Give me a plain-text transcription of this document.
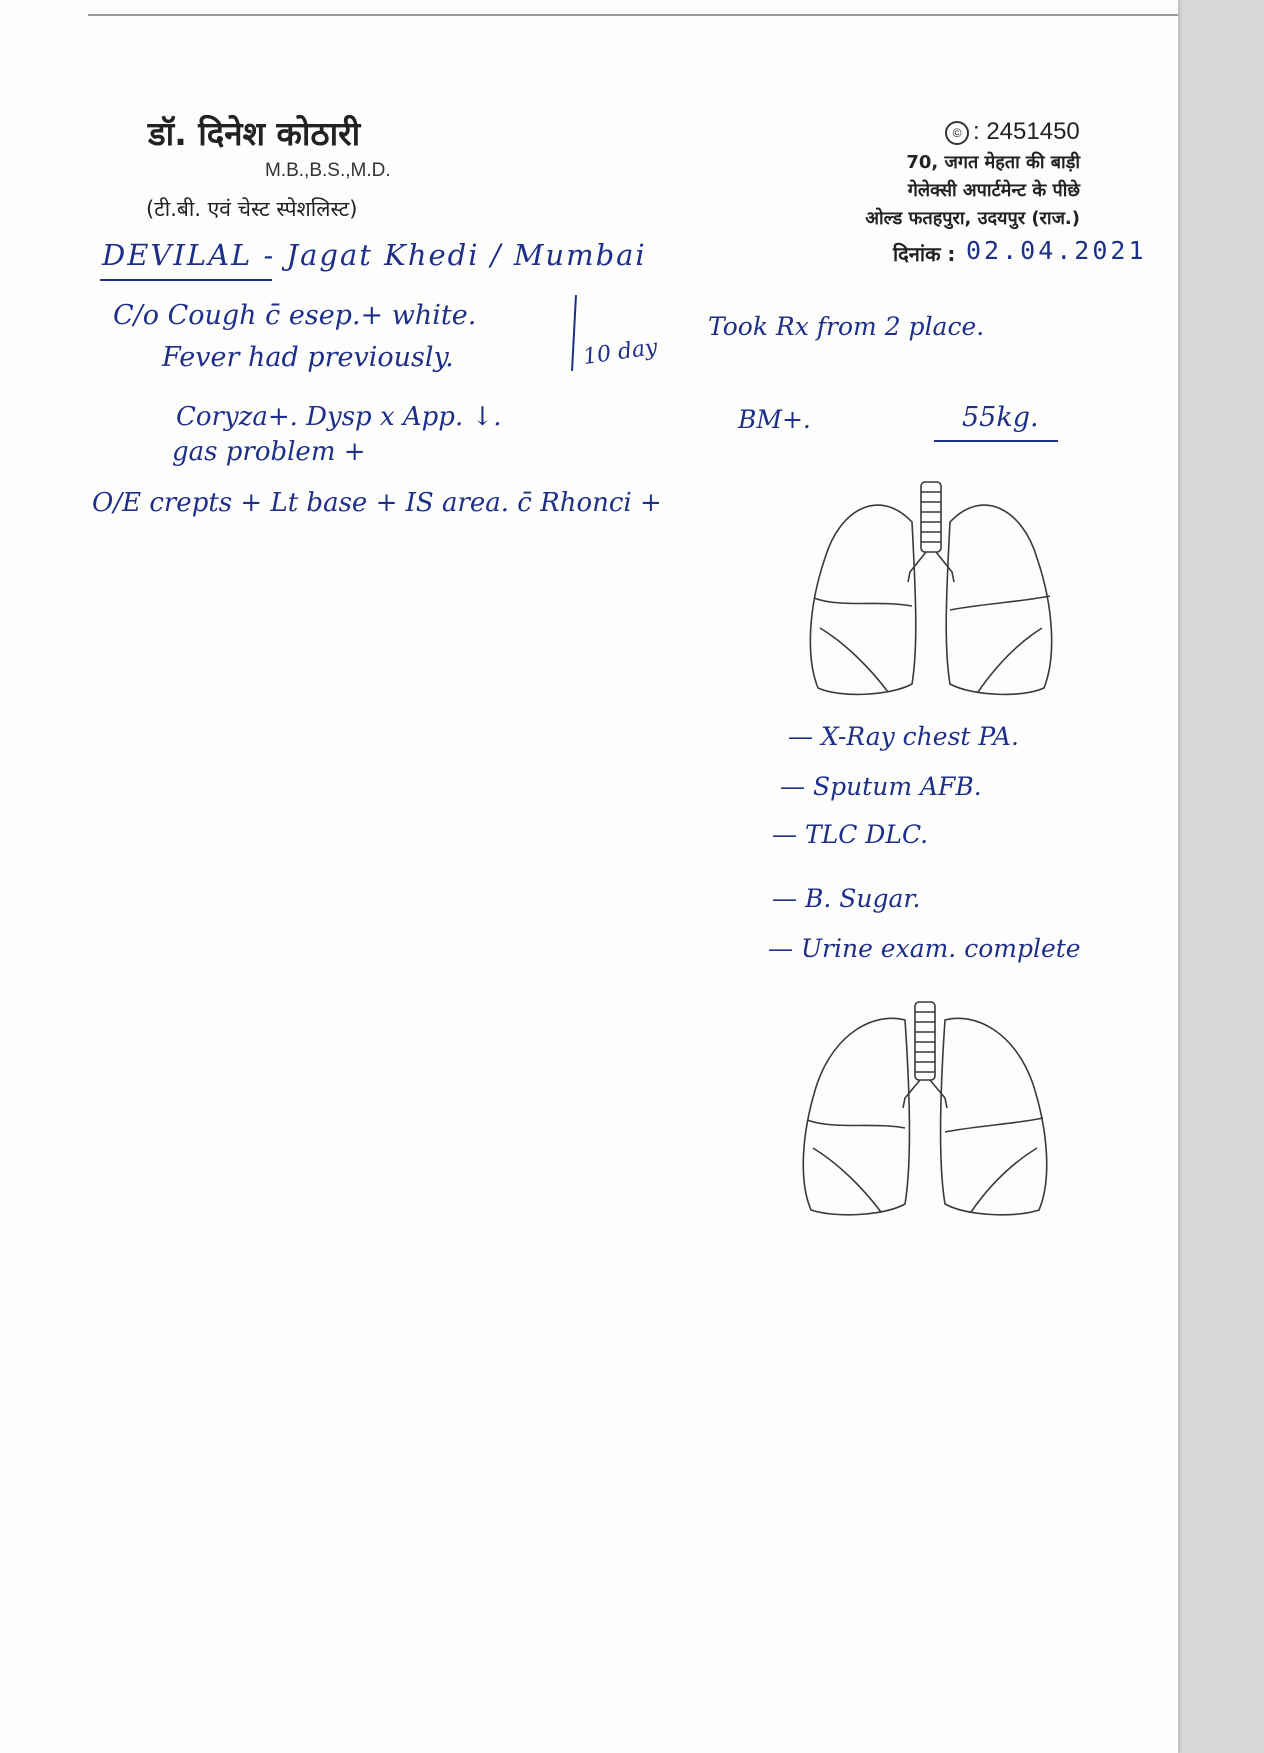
डॉ. दिनेश कोठारी
M.B.,B.S.,M.D.
(टी.बी. एवं चेस्ट स्पेशलिस्ट)
© : 2451450
70, जगत मेहता की बाड़ी
गेलेक्सी अपार्टमेन्ट के पीछे
ओल्ड फतहपुरा, उदयपुर (राज.)
दिनांक : 02.04.2021
DEVILAL - Jagat Khedi / Mumbai
C/o Cough c̄ esep.+ white.
10 day
Took Rx from 2 place.
Fever had previously.
Coryza+. Dysp x App. ↓.	BM+.	55kg.
gas problem +
O/E crepts + Lt base + IS area. c̄ Rhonci +
— X-Ray chest PA.
— Sputum AFB.
— TLC DLC.
— B. Sugar.
— Urine exam. complete
